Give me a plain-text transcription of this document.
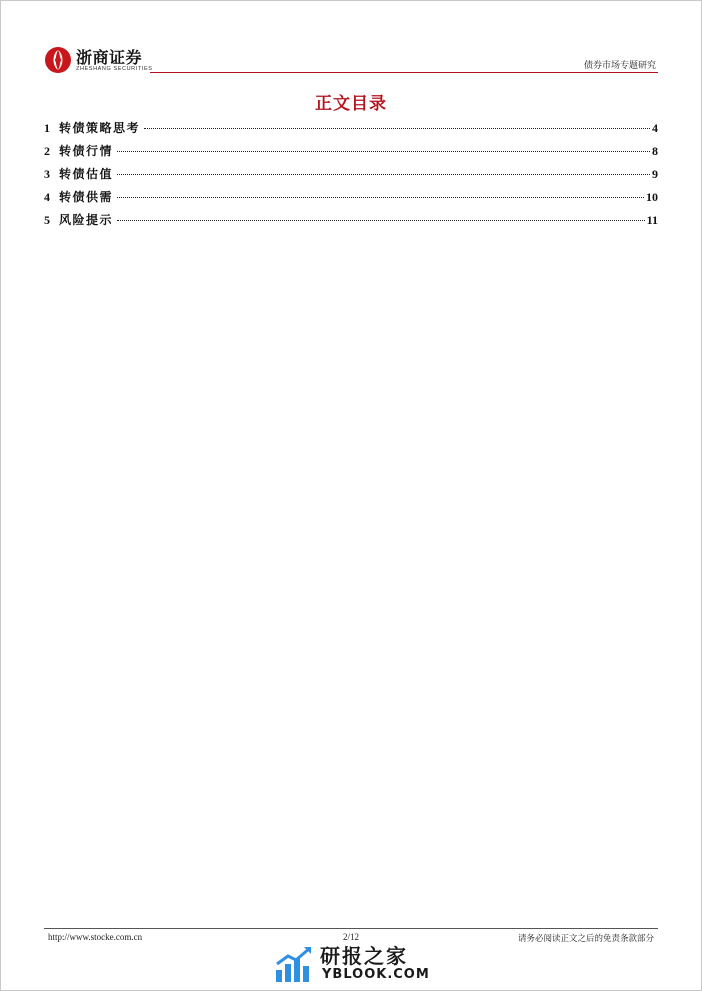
浙商证券
ZHESHANG SECURITIES	债券市场专题研究
正文目录
1 转债策略思考	4
2 转债行情	8
3 转债估值	9
4 转债供需	10
5 风险提示	11
http://www.stocke.com.cn	2/12	请务必阅读正文之后的免责条款部分
研报之家
YBLOOK.COM
